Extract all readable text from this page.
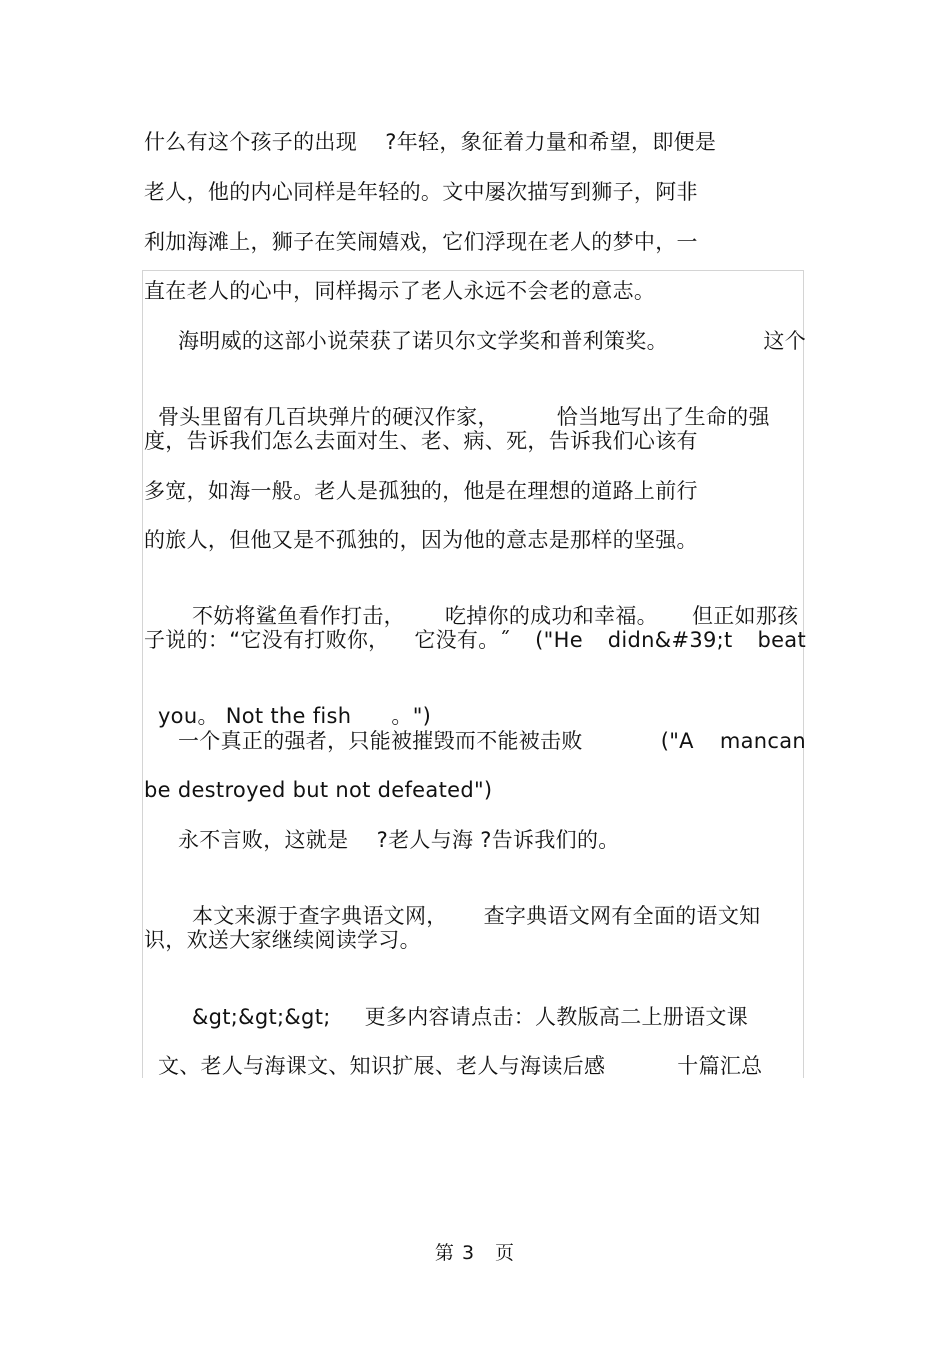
什么有这个孩子的出现　 ?年轻，象征着力量和希望，即便是
老人，他的内心同样是年轻的。文中屡次描写到狮子，阿非
利加海滩上，狮子在笑闹嬉戏，它们浮现在老人的梦中，一
直在老人的心中，同样揭示了老人永远不会老的意志。
海明威的这部小说荣获了诺贝尔文学奖和普利策奖。	这个

骨头里留有几百块弹片的硬汉作家，	恰当地写出了生命的强

度，告诉我们怎么去面对生、老、病、死，告诉我们心该有
多宽，如海一般。老人是孤独的，他是在理想的道路上前行
的旅人，但他又是不孤独的，因为他的意志是那样的坚强。

不妨将鲨鱼看作打击， 吃掉你的成功和幸福。 但正如那孩

子说的：“它没有打败你， 它没有。˝ ("He didn&#39;t beat

you。 Not the fish 。")

一个真正的强者，只能被摧毁而不能被击败	("A mancan
be destroyed but not defeated")
永不言败，这就是　 ?老人与海 ?告诉我们的。

本文来源于查字典语文网， 查字典语文网有全面的语文知

识，欢送大家继续阅读学习。

&gt;&gt;&gt; 更多内容请点击：人教版高二上册语文课

文、老人与海课文、知识扩展、老人与海读后感	十篇汇总

第 3　页
